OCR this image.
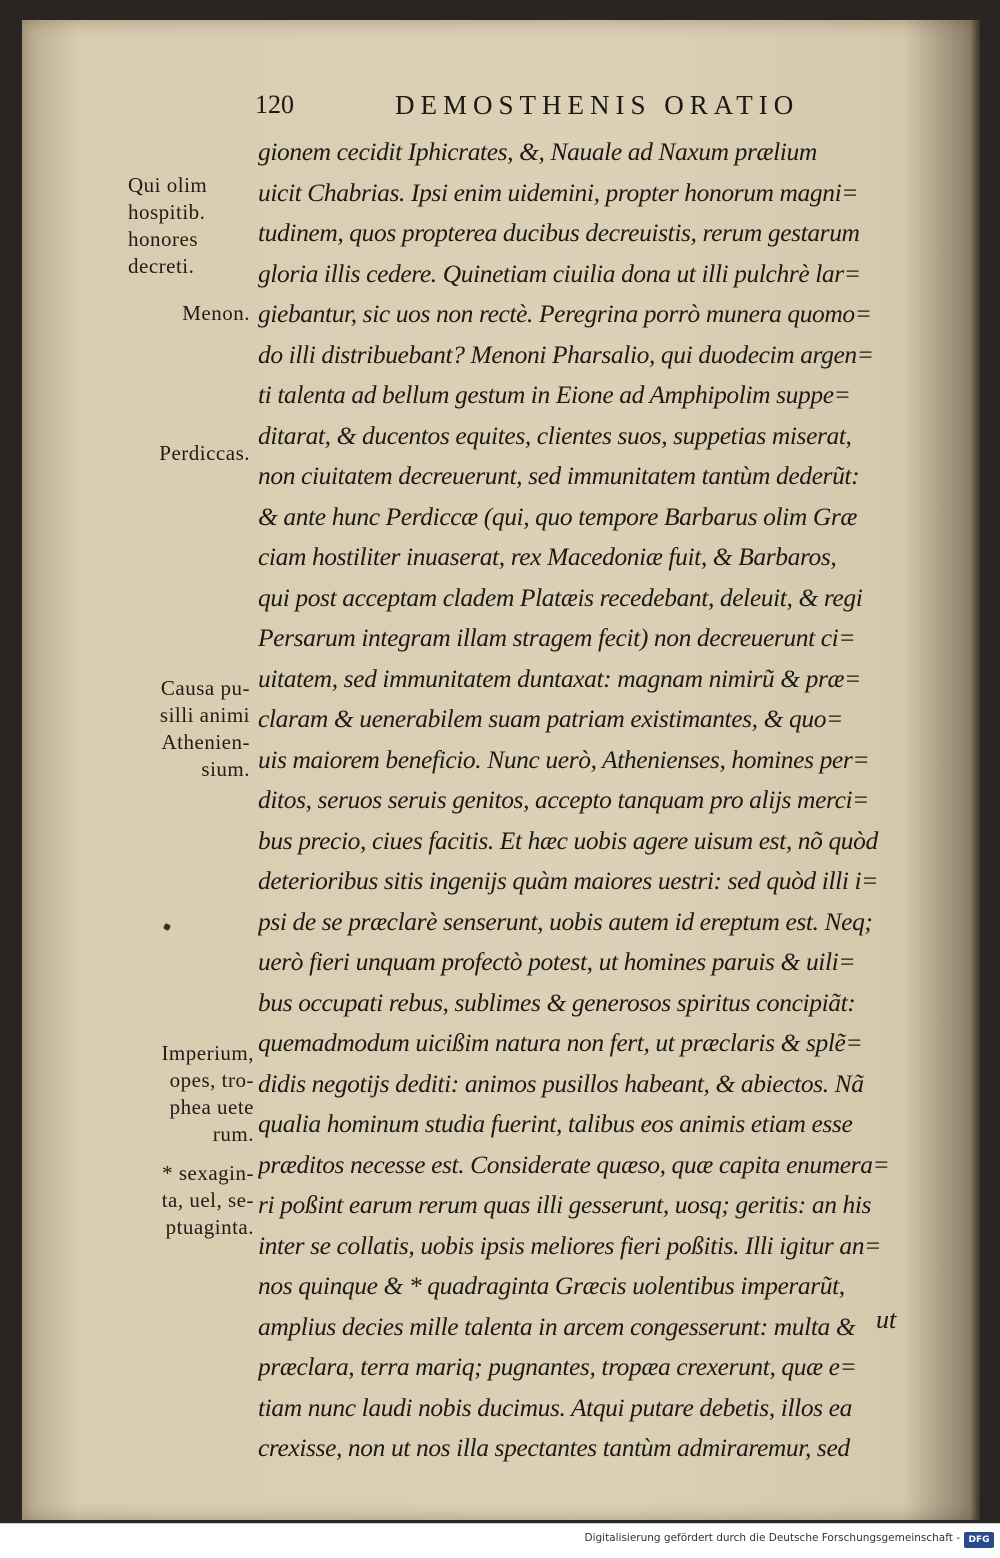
120	DEMOSTHENIS ORATIO
Qui olim
hospitib.
honores
decreti.
Menon.
Perdiccas.
Causa pu-
silli animi
Athenien-
sium.
Imperium,
opes, tro-
phea uete
rum.
* sexagin-
ta, uel, se-
ptuaginta.
gionem cecidit Iphicrates, &, Nauale ad Naxum prælium
uicit Chabrias. Ipsi enim uidemini, propter honorum magni=
tudinem, quos propterea ducibus decreuistis, rerum gestarum
gloria illis cedere. Quinetiam ciuilia dona ut illi pulchrè lar=
giebantur, sic uos non rectè. Peregrina porrò munera quomo=
do illi distribuebant? Menoni Pharsalio, qui duodecim argen=
ti talenta ad bellum gestum in Eione ad Amphipolim suppe=
ditarat, & ducentos equites, clientes suos, suppetias miserat,
non ciuitatem decreuerunt, sed immunitatem tantùm dederũt:
& ante hunc Perdiccæ (qui, quo tempore Barbarus olim Græ
ciam hostiliter inuaserat, rex Macedoniæ fuit, & Barbaros,
qui post acceptam cladem Platæis recedebant, deleuit, & regi
Persarum integram illam stragem fecit) non decreuerunt ci=
uitatem, sed immunitatem duntaxat: magnam nimirũ & præ=
claram & uenerabilem suam patriam existimantes, & quo=
uis maiorem beneficio. Nunc uerò, Athenienses, homines per=
ditos, seruos seruis genitos, accepto tanquam pro alijs merci=
bus precio, ciues facitis. Et hæc uobis agere uisum est, nõ quòd
deterioribus sitis ingenijs quàm maiores uestri: sed quòd illi i=
psi de se præclarè senserunt, uobis autem id ereptum est. Neq;
uerò fieri unquam profectò potest, ut homines paruis & uili=
bus occupati rebus, sublimes & generosos spiritus concipiãt:
quemadmodum uicißim natura non fert, ut præclaris & splẽ=
didis negotijs dediti: animos pusillos habeant, & abiectos. Nã
qualia hominum studia fuerint, talibus eos animis etiam esse
præditos necesse est. Considerate quæso, quæ capita enumera=
ri poßint earum rerum quas illi gesserunt, uosq; geritis: an his
inter se collatis, uobis ipsis meliores fieri poßitis. Illi igitur an=
nos quinque & * quadraginta Græcis uolentibus imperarũt,
amplius decies mille talenta in arcem congesserunt: multa &
præclara, terra mariq; pugnantes, tropæa crexerunt, quæ e=
tiam nunc laudi nobis ducimus. Atqui putare debetis, illos ea
crexisse, non ut nos illa spectantes tantùm admiraremur, sed
ut
Digitalisierung gefördert durch die Deutsche Forschungsgemeinschaft - DFG
